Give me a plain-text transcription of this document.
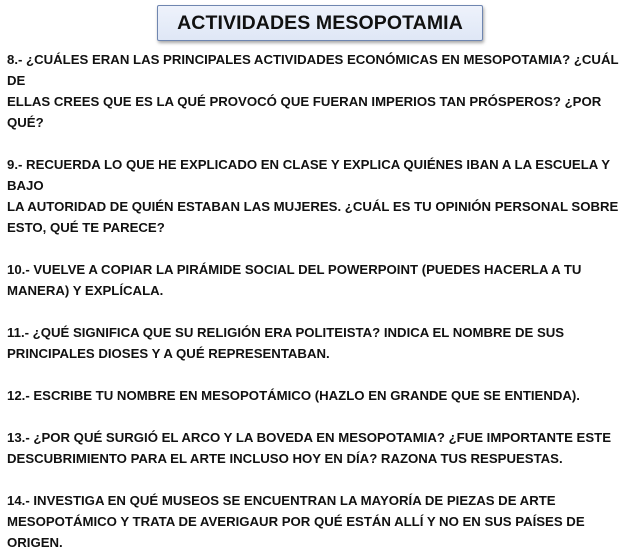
ACTIVIDADES MESOPOTAMIA

8.- ¿CUÁLES ERAN LAS PRINCIPALES ACTIVIDADES ECONÓMICAS EN MESOPOTAMIA? ¿CUÁL DE
ELLAS CREES QUE ES LA QUÉ PROVOCÓ QUE FUERAN IMPERIOS TAN PRÓSPEROS? ¿POR QUÉ?

9.- RECUERDA LO QUE HE EXPLICADO EN CLASE Y EXPLICA QUIÉNES IBAN A LA ESCUELA Y BAJO
LA AUTORIDAD DE QUIÉN ESTABAN LAS MUJERES. ¿CUÁL ES TU OPINIÓN PERSONAL SOBRE
ESTO, QUÉ TE PARECE?

10.- VUELVE A COPIAR LA PIRÁMIDE SOCIAL DEL POWERPOINT (PUEDES HACERLA A TU
MANERA) Y EXPLÍCALA.

11.- ¿QUÉ SIGNIFICA QUE SU RELIGIÓN ERA POLITEISTA? INDICA EL NOMBRE DE SUS
PRINCIPALES DIOSES Y A QUÉ REPRESENTABAN.

12.- ESCRIBE TU NOMBRE EN MESOPOTÁMICO (HAZLO EN GRANDE QUE SE ENTIENDA).

13.- ¿POR QUÉ SURGIÓ EL ARCO Y LA BOVEDA EN MESOPOTAMIA? ¿FUE IMPORTANTE ESTE
DESCUBRIMIENTO PARA EL ARTE INCLUSO HOY EN DÍA? RAZONA TUS RESPUESTAS.

14.- INVESTIGA EN QUÉ MUSEOS SE ENCUENTRAN LA MAYORÍA DE PIEZAS DE ARTE
MESOPOTÁMICO Y TRATA DE AVERIGAUR POR QUÉ ESTÁN ALLÍ Y NO EN SUS PAÍSES DE ORIGEN.
